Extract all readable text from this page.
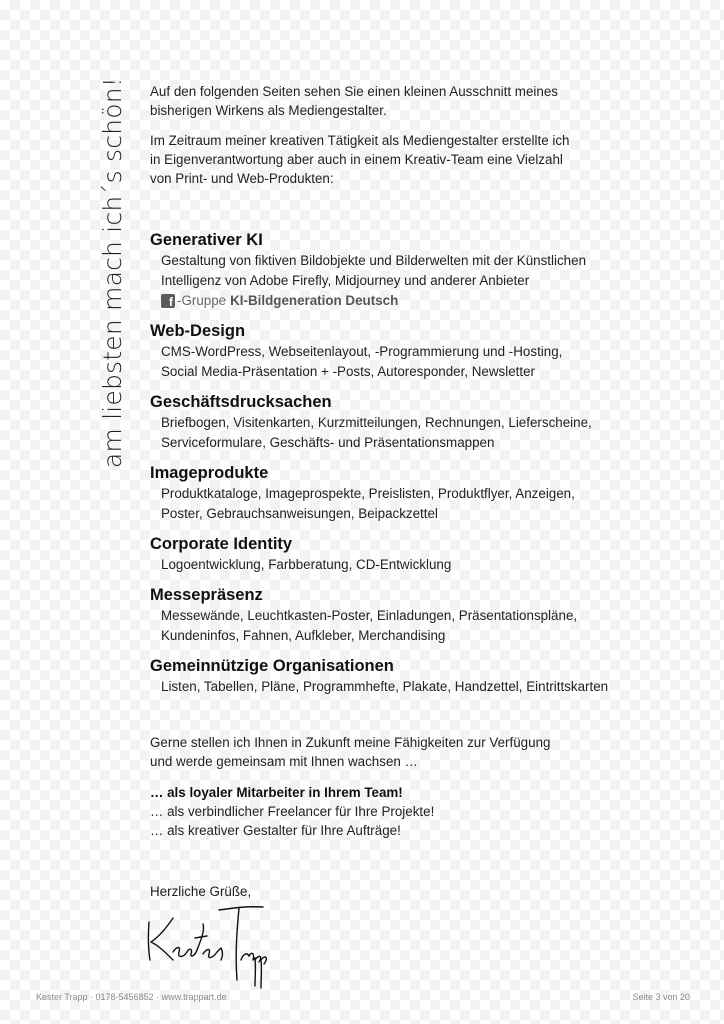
am liebsten mach ich´s schön! Auf den folgenden Seiten sehen Sie einen kleinen Ausschnitt meines

bisherigen Wirkens als Mediengestalter.

Im Zeitraum meiner kreativen Tätigkeit als Mediengestalter erstellte ich

in Eigenverantwortung aber auch in einem Kreativ-Team eine Vielzahl

von Print- und Web-Produkten:

Generativer KI
Gestaltung von fiktiven Bildobjekte und Bilderwelten mit der Künstlichen
Intelligenz von Adobe Firefly, Midjourney und anderer Anbieter
f -Gruppe KI-Bildgeneration Deutsch
Web-Design
CMS-WordPress, Webseitenlayout, -Programmierung und -Hosting,
Social Media-Präsentation + -Posts, Autoresponder, Newsletter
Geschäftsdrucksachen
Briefbogen, Visitenkarten, Kurzmitteilungen, Rechnungen, Lieferscheine,
Serviceformulare, Geschäfts- und Präsentationsmappen
Imageprodukte
Produktkataloge, Imageprospekte, Preislisten, Produktflyer, Anzeigen,
Poster, Gebrauchsanweisungen, Beipackzettel
Corporate Identity
Logoentwicklung, Farbberatung, CD-Entwicklung
Messepräsenz
Messewände, Leuchtkasten-Poster, Einladungen, Präsentationspläne,
Kundeninfos, Fahnen, Aufkleber, Merchandising
Gemeinnützige Organisationen
Listen, Tabellen, Pläne, Programmhefte, Plakate, Handzettel, Eintrittskarten

Gerne stellen ich Ihnen in Zukunft meine Fähigkeiten zur Verfügung

und werde gemeinsam mit Ihnen wachsen …

… als loyaler Mitarbeiter in Ihrem Team!

… als verbindlicher Freelancer für Ihre Projekte!

… als kreativer Gestalter für Ihre Aufträge!

Herzliche Grüße,

Kester Trapp · 0178-5456852 · www.trappart.de	Seite 3 von 20
